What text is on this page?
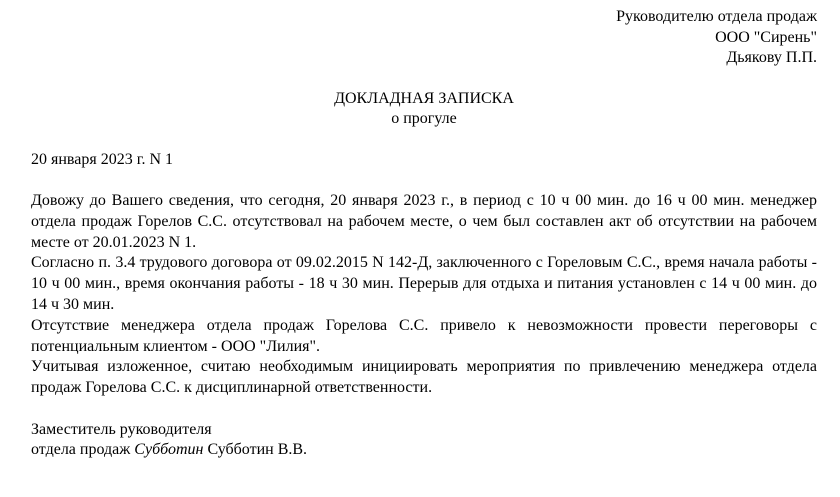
Руководителю отдела продаж
ООО "Сирень"
Дьякову П.П.
ДОКЛАДНАЯ ЗАПИСКА
о прогуле
20 января 2023 г. N 1
Довожу до Вашего сведения, что сегодня, 20 января 2023 г., в период с 10 ч 00 мин. до 16 ч 00 мин. менеджер отдела продаж Горелов С.С. отсутствовал на рабочем месте, о чем был составлен акт об отсутствии на рабочем месте от 20.01.2023 N 1.
Согласно п. 3.4 трудового договора от 09.02.2015 N 142-Д, заключенного с Гореловым С.С., время начала работы - 10 ч 00 мин., время окончания работы - 18 ч 30 мин. Перерыв для отдыха и питания установлен с 14 ч 00 мин. до 14 ч 30 мин.
Отсутствие менеджера отдела продаж Горелова С.С. привело к невозможности провести переговоры с потенциальным клиентом - ООО "Лилия".
Учитывая изложенное, считаю необходимым инициировать мероприятия по привлечению менеджера отдела продаж Горелова С.С. к дисциплинарной ответственности.
Заместитель руководителя
отдела продаж Субботин Субботин В.В.
